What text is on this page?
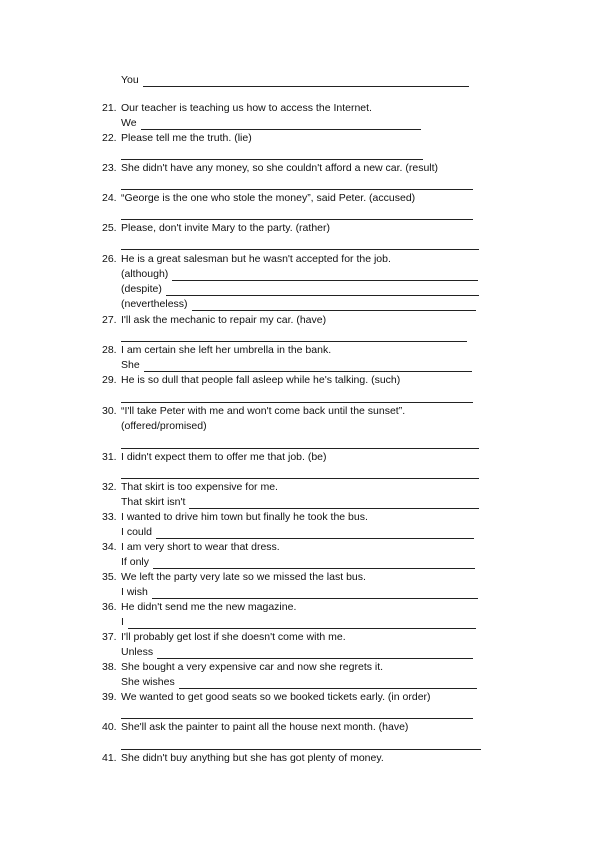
You
21. Our teacher is teaching us how to access the Internet.
We
22. Please tell me the truth. (lie)
23. She didn't have any money, so she couldn't afford a new car. (result)
24. “George is the one who stole the money”, said Peter. (accused)
25. Please, don't invite Mary to the party. (rather)
26. He is a great salesman but he wasn't accepted for the job.
(although)
(despite)
(nevertheless)
27. I'll ask the mechanic to repair my car. (have)
28. I am certain she left her umbrella in the bank.
She
29. He is so dull that people fall asleep while he's talking. (such)
30. “I'll take Peter with me and won't come back until the sunset”.
(offered/promised)
31. I didn't expect them to offer me that job. (be)
32. That skirt is too expensive for me.
That skirt isn't
33. I wanted to drive him town but finally he took the bus.
I could
34. I am very short to wear that dress.
If only
35. We left the party very late so we missed the last bus.
I wish
36. He didn't send me the new magazine.
I
37. I'll probably get lost if she doesn't come with me.
Unless
38. She bought a very expensive car and now she regrets it.
She wishes
39. We wanted to get good seats so we booked tickets early. (in order)
40. She'll ask the painter to paint all the house next month. (have)
41. She didn't buy anything but she has got plenty of money.
